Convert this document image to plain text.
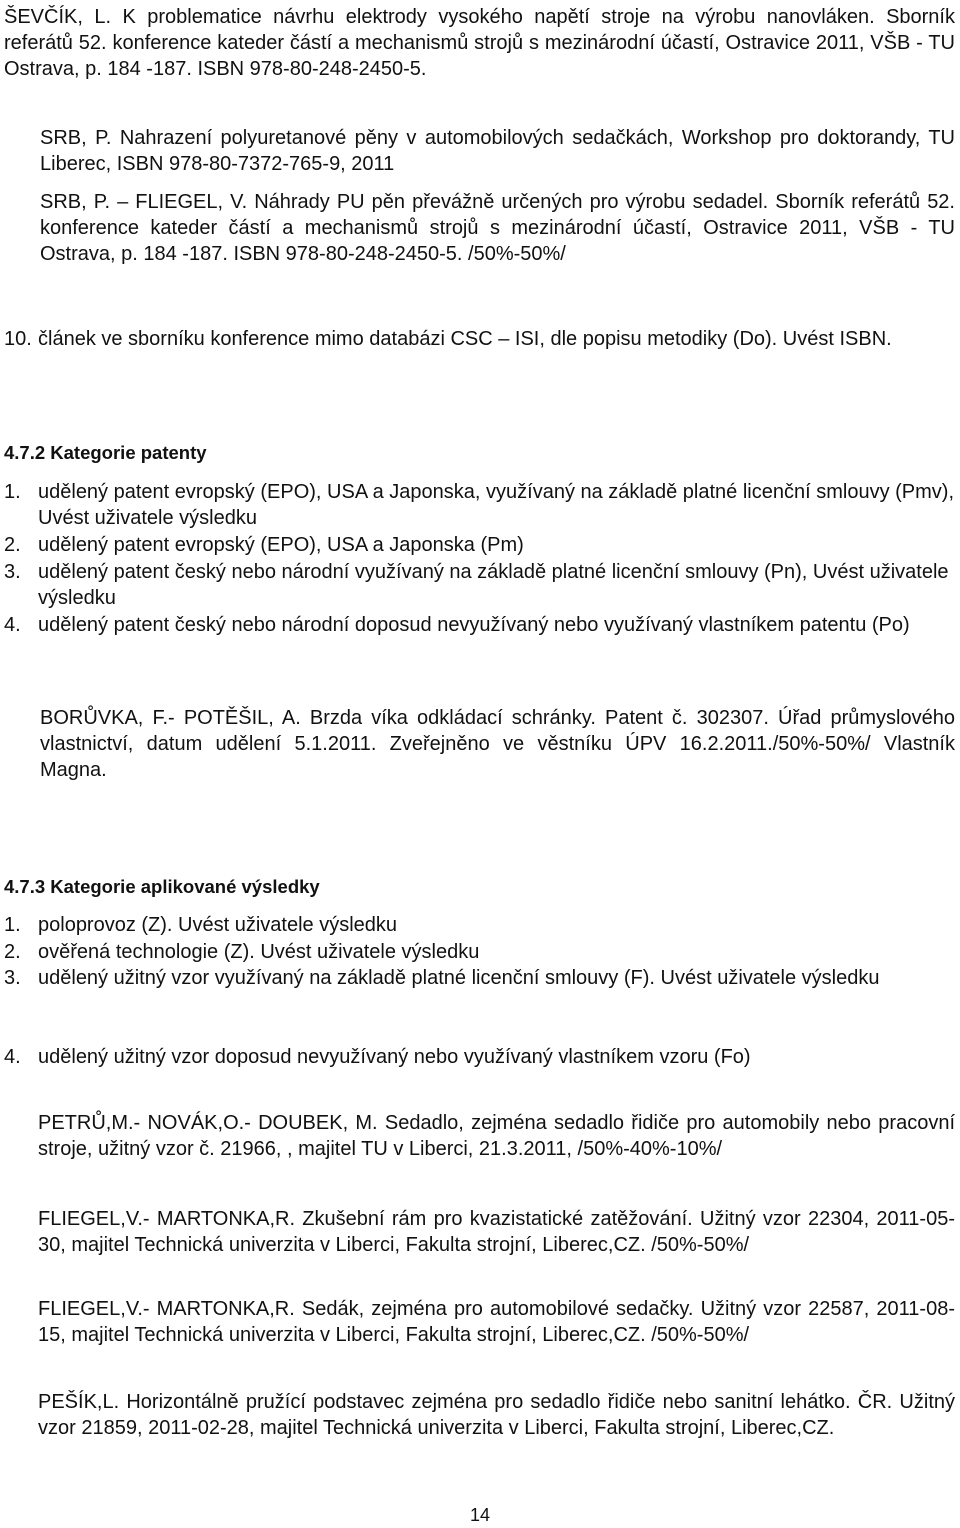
ŠEVČÍK, L. K problematice návrhu elektrody vysokého napětí stroje na výrobu nanovláken. Sborník referátů 52. konference kateder částí a mechanismů strojů s mezinárodní účastí, Ostravice 2011, VŠB - TU Ostrava, p. 184 -187. ISBN 978-80-248-2450-5.

SRB, P. Nahrazení polyuretanové pěny v automobilových sedačkách, Workshop pro doktorandy, TU Liberec, ISBN 978-80-7372-765-9, 2011

SRB, P. – FLIEGEL, V. Náhrady PU pěn převážně určených pro výrobu sedadel. Sborník referátů 52. konference kateder částí a mechanismů strojů s mezinárodní účastí, Ostravice 2011, VŠB - TU Ostrava, p. 184 -187. ISBN 978-80-248-2450-5. /50%-50%/

10. článek ve sborníku konference mimo databázi CSC – ISI, dle popisu metodiky (Do). Uvést ISBN.

4.7.2 Kategorie patenty

1. udělený patent evropský (EPO), USA a Japonska, využívaný na základě platné licenční smlouvy (Pmv), Uvést uživatele výsledku
2. udělený patent evropský (EPO), USA a Japonska (Pm)
3. udělený patent český nebo národní využívaný na základě platné licenční smlouvy (Pn), Uvést uživatele výsledku
4. udělený patent český nebo národní doposud nevyužívaný nebo využívaný vlastníkem patentu (Po)

BORŮVKA, F.- POTĚŠIL, A. Brzda víka odkládací schránky. Patent č. 302307. Úřad průmyslového vlastnictví, datum udělení 5.1.2011. Zveřejněno ve věstníku ÚPV 16.2.2011./50%-50%/ Vlastník Magna.

4.7.3 Kategorie aplikované výsledky

1. poloprovoz (Z). Uvést uživatele výsledku
2. ověřená technologie (Z). Uvést uživatele výsledku
3. udělený užitný vzor využívaný na základě platné licenční smlouvy (F). Uvést uživatele výsledku
4. udělený užitný vzor doposud nevyužívaný nebo využívaný vlastníkem vzoru (Fo)

PETRŮ,M.- NOVÁK,O.- DOUBEK, M. Sedadlo, zejména sedadlo řidiče pro automobily nebo pracovní stroje, užitný vzor č. 21966, , majitel TU v Liberci, 21.3.2011, /50%-40%-10%/

FLIEGEL,V.- MARTONKA,R. Zkušební rám pro kvazistatické zatěžování. Užitný vzor 22304, 2011-05-30, majitel Technická univerzita v Liberci, Fakulta strojní, Liberec,CZ. /50%-50%/

FLIEGEL,V.- MARTONKA,R. Sedák, zejména pro automobilové sedačky. Užitný vzor 22587, 2011-08-15, majitel Technická univerzita v Liberci, Fakulta strojní, Liberec,CZ. /50%-50%/

PEŠÍK,L. Horizontálně pružící podstavec zejména pro sedadlo řidiče nebo sanitní lehátko. ČR. Užitný vzor 21859, 2011-02-28, majitel Technická univerzita v Liberci, Fakulta strojní, Liberec,CZ.

14
